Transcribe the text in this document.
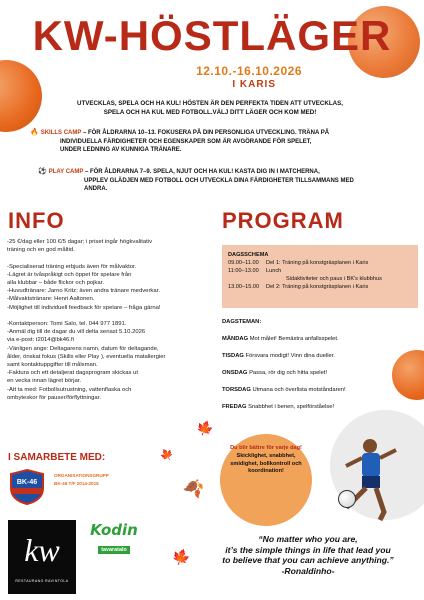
KW-HÖSTLÄGER
12.10.-16.10.2026
I KARIS
UTVECKLAS, SPELA OCH HA KUL! HÖSTEN ÄR DEN PERFEKTA TIDEN ATT UTVECKLAS,
SPELA OCH HA KUL MED FOTBOLL.VÄLJ DITT LÄGER OCH KOM MED!
🔥 SKILLS CAMP – FÖR ÅLDRARNA 10–13. FOKUSERA PÅ DIN PERSONLIGA UTVECKLING. TRÄNA PÅ
INDIVIDUELLA FÄRDIGHETER OCH EGENSKAPER SOM ÄR AVGÖRANDE FÖR SPELET,
UNDER LEDNING AV KUNNIGA TRÄNARE.
⚽ PLAY CAMP – FÖR ÅLDRARNA 7–9. SPELA, NJUT OCH HA KUL! KASTA DIG IN I MATCHERNA,
UPPLEV GLÄDJEN MED FOTBOLL OCH UTVECKLA DINA FÄRDIGHETER TILLSAMMANS MED ANDRA.
INFO

-25 €/dag eller 100 €/5 dagar; i priset ingår högkvalitativ

träning och en god måltid.

-Specialiserad träning erbjuds även för målvaktor.

-Lägret är tvåspråkigt och öppet för spelare från

alla klubbar – både flickor och pojkar.

-Huvudtränare: Jarno Kritz; även andra tränare medverkar.

-Målvaktstränare: Henri Aaltonen.

-Möjlighet till individuell feedback för spelare – fråga gärna!

-Kontaktperson: Tomi Salo, tel. 044 977 1891.

-Anmäl dig till de dagar du vill delta senast 5.10.2026

via e-post: t2014@bk46.fi

-Vänligen ange: Deltagarens namn, datum för deltagande,

ålder, önskat fokus (Skills eller Play ), eventuella matallergier

samt kontaktuppgifter till målsman.

-Faktura och ett detaljerat dagsprogram skickas ut

en vecka innan lägret börjar.

-Att ta med: Fotbollsutrustning, vattenflaska och

ombyteskor för pauser/förflyttningar.

PROGRAM
DAGSSCHEMA
09.00–11.00	Del 1: Träning på konstgräsplanen i Karis
11:00–13.00	Lunch
Sidaktiviteter och paus i BK's klubbhus
13.00–15.00	Del 2: Träning på konstgräsplanen i Karis
DAGSTEMAN:
MÅNDAG Mot målet! Bemästra anfallsspelet.
TISDAG Försvara modigt! Vinn dina dueller.
ONSDAG Passa, rör dig och hitta spelet!
TORSDAG Utmana och överlista motståndaren!
FREDAG Snabbhet i benen, spelförståelse!
🍁
🍁
🍂
🍁
I SAMARBETE MED:
BK-46
ORGANISATIONSGRUPP
BK-46 T/F 2014-2015
kw
RESTAURANG RAVINTOLA
Kodin
tavaratalo
Du blir bättre för varje dag!
Skicklighet, snabbhet,
smidighet, bollkontroll och
koordination!
“No matter who you are,
it’s the simple things in life that lead you
to believe that you can achieve anything.”
-Ronaldinho-
